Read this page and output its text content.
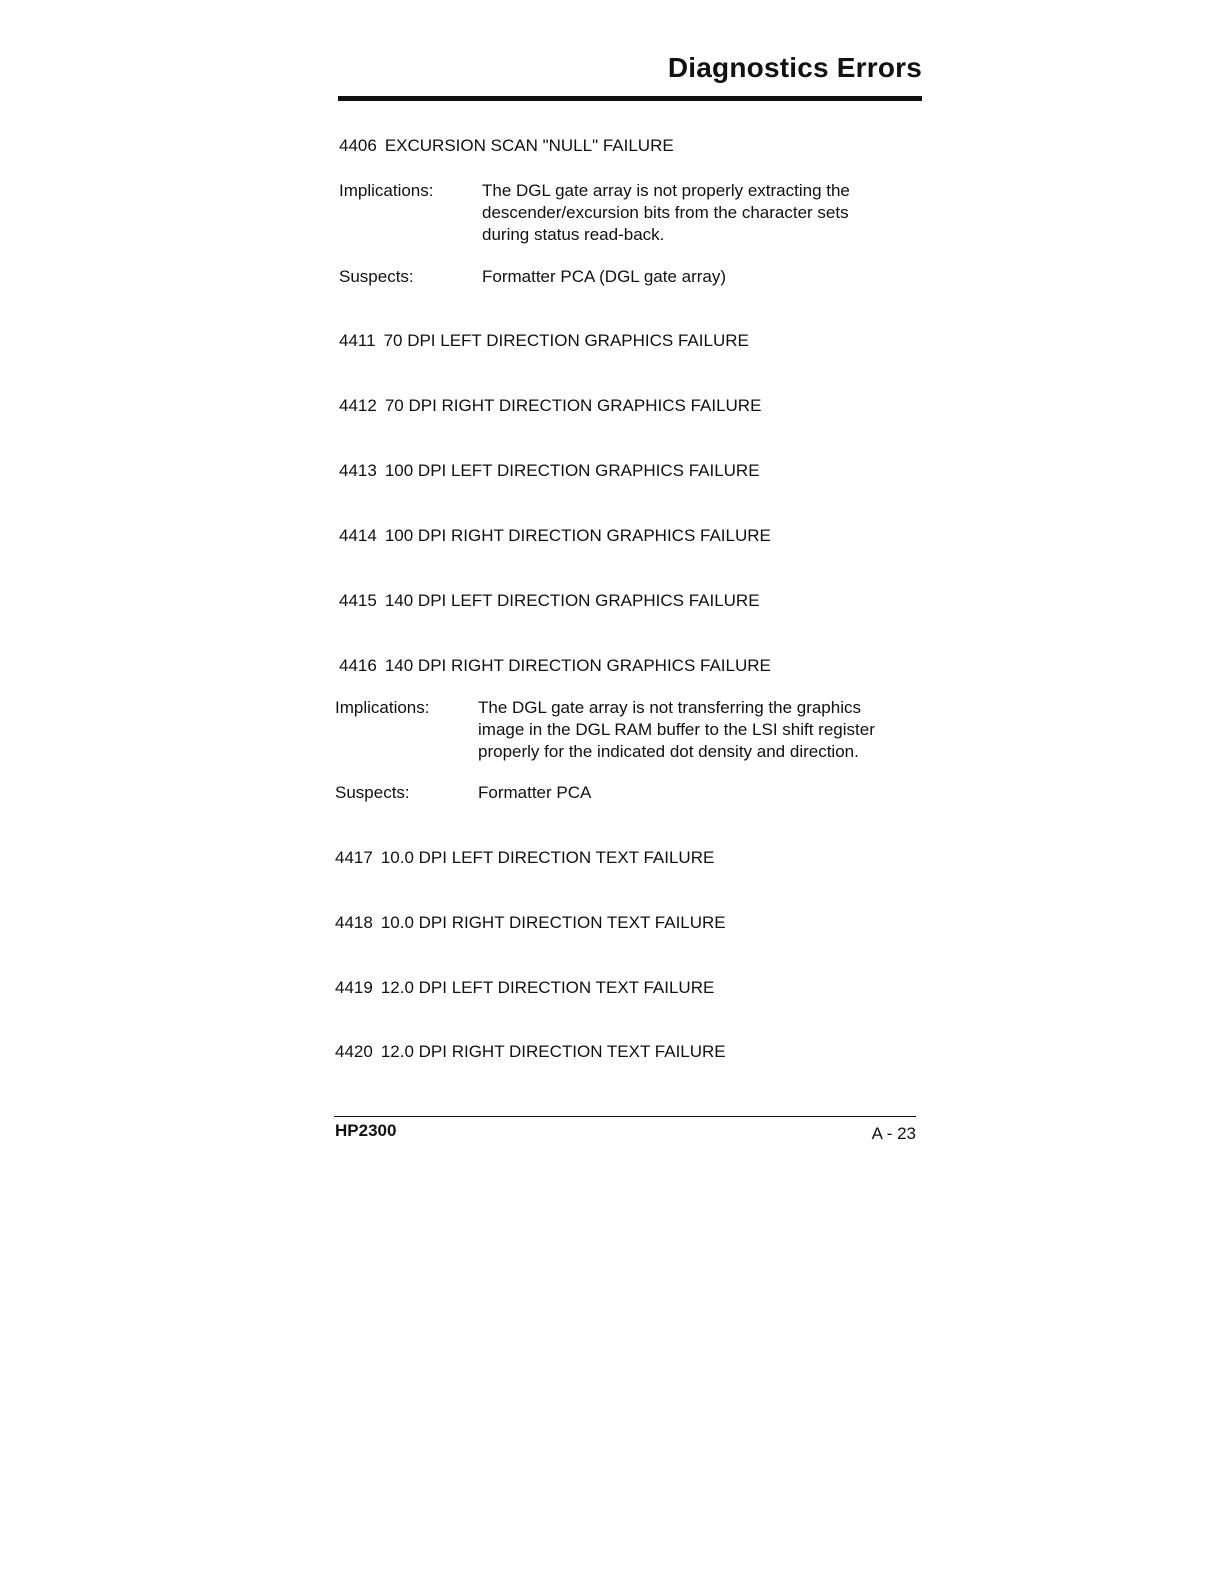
Diagnostics Errors

4406 EXCURSION SCAN "NULL" FAILURE

Implications:	The DGL gate array is not properly extracting the

descender/excursion bits from the character sets

during status read-back.

Suspects:	Formatter PCA (DGL gate array)

4411 70 DPI LEFT DIRECTION GRAPHICS FAILURE

4412 70 DPI RIGHT DIRECTION GRAPHICS FAILURE

4413 100 DPI LEFT DIRECTION GRAPHICS FAILURE

4414 100 DPI RIGHT DIRECTION GRAPHICS FAILURE

4415 140 DPI LEFT DIRECTION GRAPHICS FAILURE

4416 140 DPI RIGHT DIRECTION GRAPHICS FAILURE

Implications:	The DGL gate array is not transferring the graphics

image in the DGL RAM buffer to the LSI shift register

properly for the indicated dot density and direction.

Suspects:	Formatter PCA

4417 10.0 DPI LEFT DIRECTION TEXT FAILURE

4418 10.0 DPI RIGHT DIRECTION TEXT FAILURE

4419 12.0 DPI LEFT DIRECTION TEXT FAILURE

4420 12.0 DPI RIGHT DIRECTION TEXT FAILURE

HP2300	A - 23
